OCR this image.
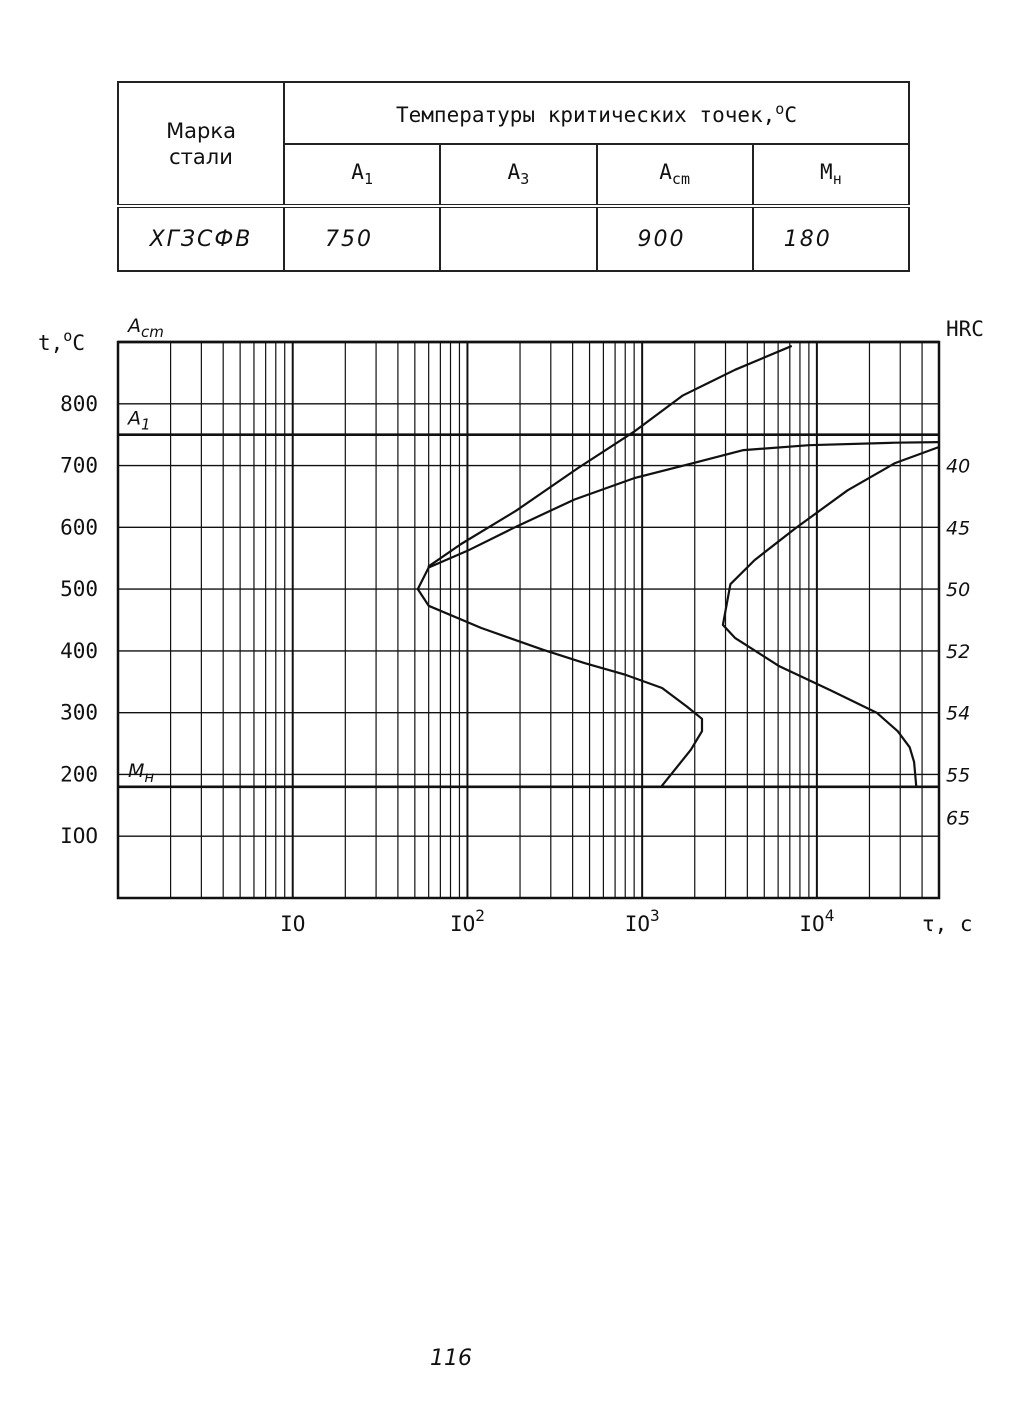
Марка
стали	Температуры критических точек,$^о$С			
	$А_1$	$А_3$	$А_{cm}$	$М_н$
ХГЗСФВ	750		900	180
$A_{cm}$
$A_1$
$M_н$
t,$^о$С
HRC
τ, с
800
700
600
500
400
300
200
IOO
IO	$IO^2$	$IO^3$	$IO^4$
40
45
50
52
54
55
65
116
